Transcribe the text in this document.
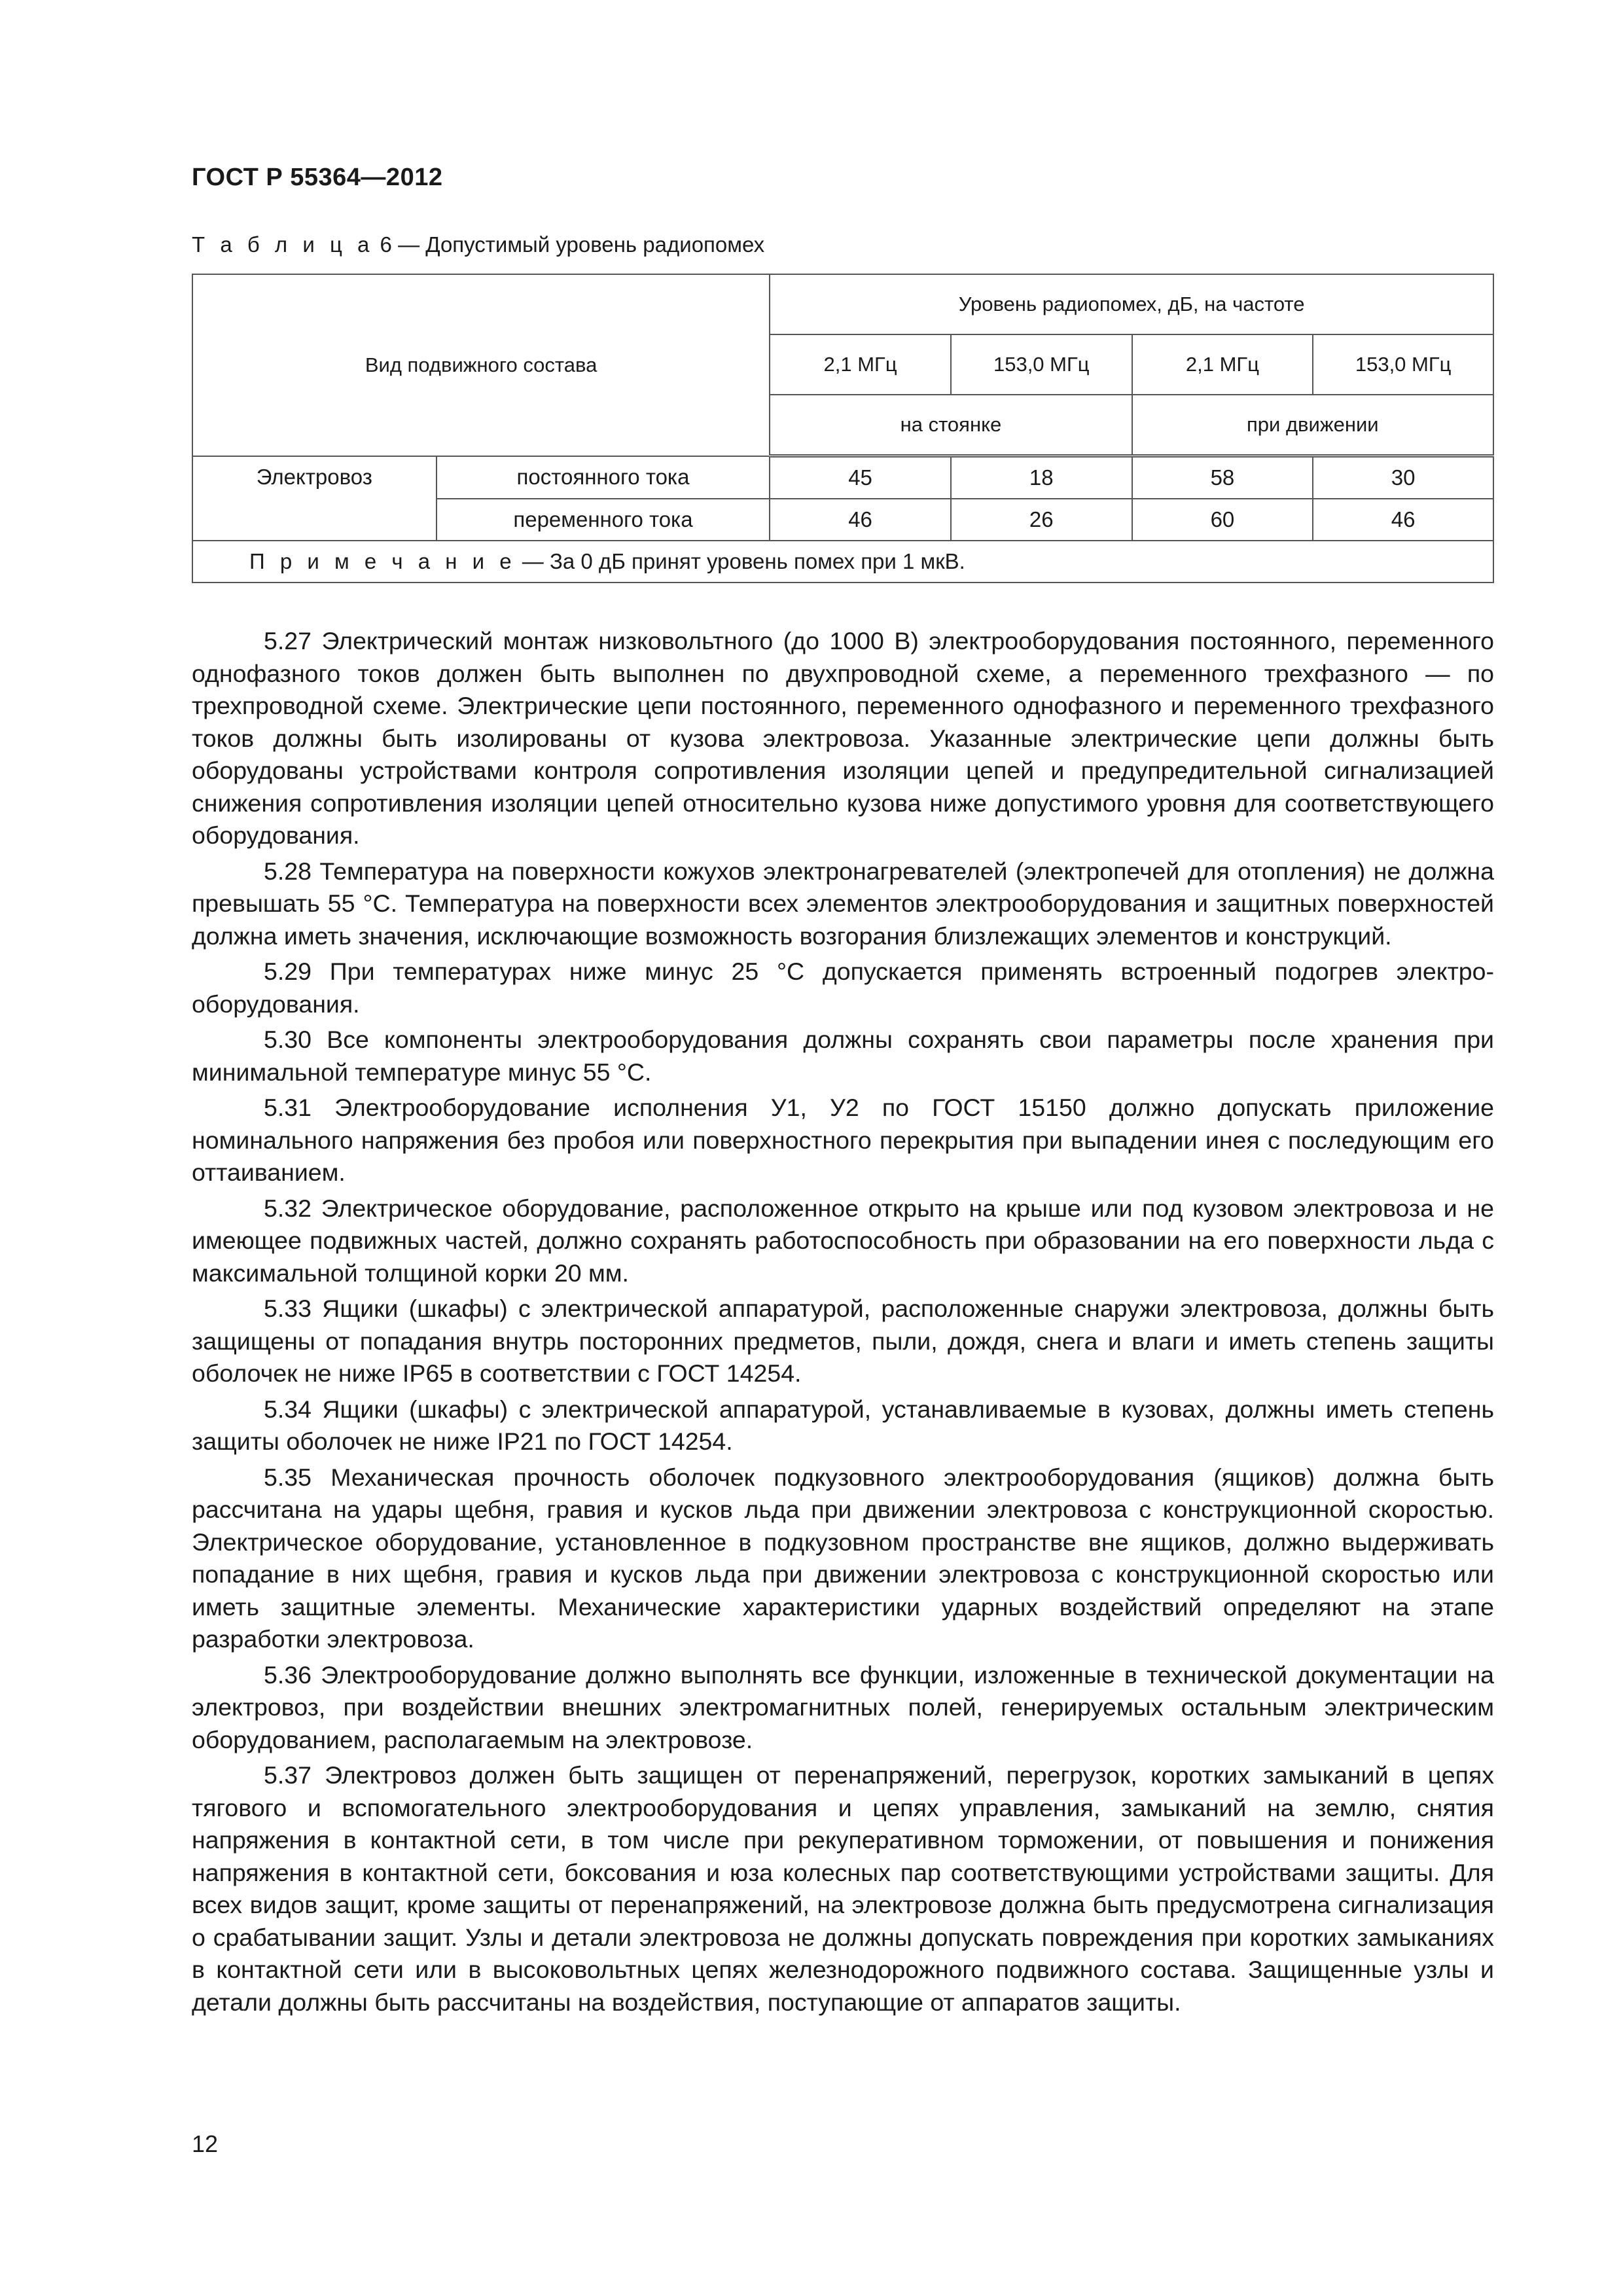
ГОСТ Р 55364—2012
Т а б л и ц а 6 — Допустимый уровень радиопомех
Вид подвижного состава		Уровень радиопомех, дБ, на частоте			
		2,1 МГц	153,0 МГц	2,1 МГц	153,0 МГц
		на стоянке		при движении	
Электровоз	постоянного тока	45	18	58	30
	переменного тока	46	26	60	46
П р и м е ч а н и е — За 0 дБ принят уровень помех при 1 мкВ.					

5.27 Электрический монтаж низковольтного (до 1000 В) электрооборудования постоянного, переменного однофазного токов должен быть выполнен по двухпроводной схеме, а переменного трехфазного — по трехпроводной схеме. Электрические цепи постоянного, переменного однофазного и переменного трехфазного токов должны быть изолированы от кузова электровоза. Указанные электрические цепи должны быть оборудованы устройствами контроля сопротивления изоляции цепей и предупредительной сигнализацией снижения сопротивления изоляции цепей относительно кузова ниже допустимого уровня для соответствующего оборудования.

5.28 Температура на поверхности кожухов электронагревателей (электропечей для отопления) не должна превышать 55 °С. Температура на поверхности всех элементов электрооборудования и защитных поверхностей должна иметь значения, исключающие возможность возгорания близлежащих элементов и конструкций.

5.29 При температурах ниже минус 25 °С допускается применять встроенный подогрев электрооборудования.

5.30 Все компоненты электрооборудования должны сохранять свои параметры после хранения при минимальной температуре минус 55 °С.

5.31 Электрооборудование исполнения У1, У2 по ГОСТ 15150 должно допускать приложение номинального напряжения без пробоя или поверхностного перекрытия при выпадении инея с последующим его оттаиванием.

5.32 Электрическое оборудование, расположенное открыто на крыше или под кузовом электровоза и не имеющее подвижных частей, должно сохранять работоспособность при образовании на его поверхности льда с максимальной толщиной корки 20 мм.

5.33 Ящики (шкафы) с электрической аппаратурой, расположенные снаружи электровоза, должны быть защищены от попадания внутрь посторонних предметов, пыли, дождя, снега и влаги и иметь степень защиты оболочек не ниже IP65 в соответствии с ГОСТ 14254.

5.34 Ящики (шкафы) с электрической аппаратурой, устанавливаемые в кузовах, должны иметь степень защиты оболочек не ниже IP21 по ГОСТ 14254.

5.35 Механическая прочность оболочек подкузовного электрооборудования (ящиков) должна быть рассчитана на удары щебня, гравия и кусков льда при движении электровоза с конструкционной скоростью. Электрическое оборудование, установленное в подкузовном пространстве вне ящиков, должно выдерживать попадание в них щебня, гравия и кусков льда при движении электровоза с конструкционной скоростью или иметь защитные элементы. Механические характеристики ударных воздействий определяют на этапе разработки электровоза.

5.36 Электрооборудование должно выполнять все функции, изложенные в технической документации на электровоз, при воздействии внешних электромагнитных полей, генерируемых остальным электрическим оборудованием, располагаемым на электровозе.

5.37 Электровоз должен быть защищен от перенапряжений, перегрузок, коротких замыканий в цепях тягового и вспомогательного электрооборудования и цепях управления, замыканий на землю, снятия напряжения в контактной сети, в том числе при рекуперативном торможении, от повышения и понижения напряжения в контактной сети, боксования и юза колесных пар соответствующими устройствами защиты. Для всех видов защит, кроме защиты от перенапряжений, на электровозе должна быть предусмотрена сигнализация о срабатывании защит. Узлы и детали электровоза не должны допускать повреждения при коротких замыканиях в контактной сети или в высоковольтных цепях железнодорожного подвижного состава. Защищенные узлы и детали должны быть рассчитаны на воздействия, поступающие от аппаратов защиты.

12
